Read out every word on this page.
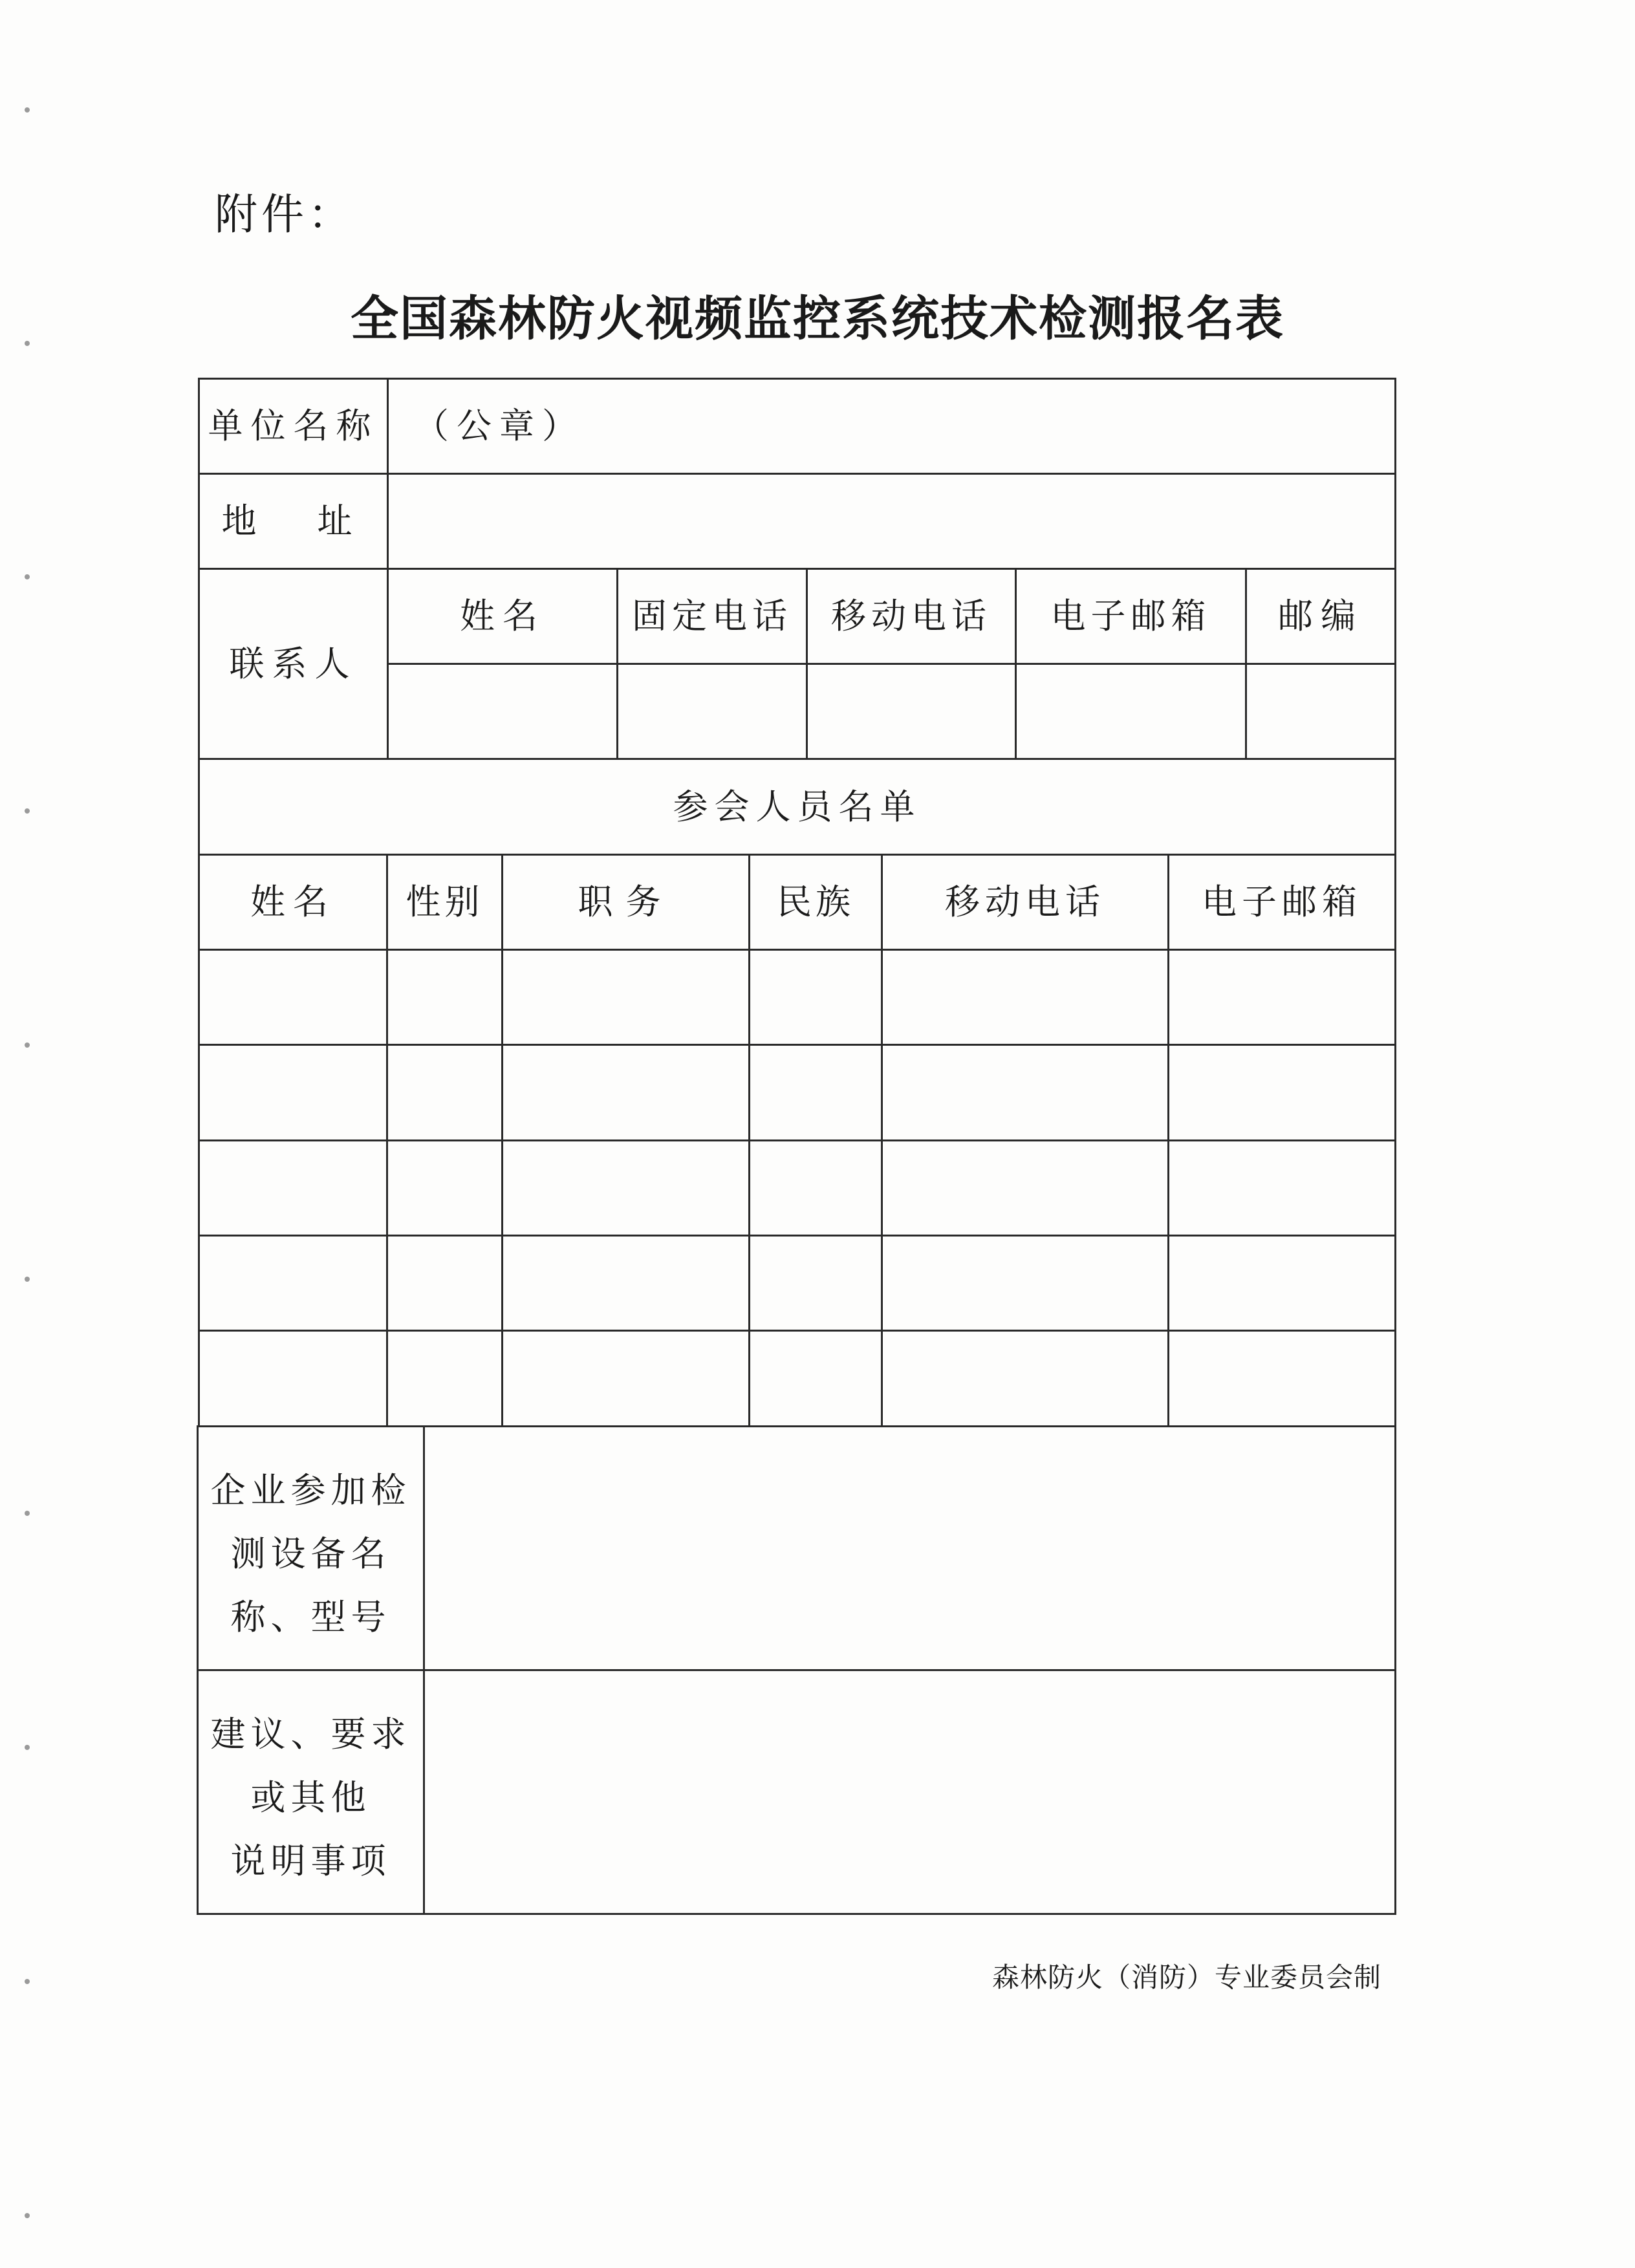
附件：
全国森林防火视频监控系统技术检测报名表
单位名称 （公章）
地　址
联系人
姓名	固定电话	移动电话	电子邮箱	邮编
参会人员名单
姓名	性别	职务	民族	移动电话	电子邮箱
企业参加检
测设备名
称、型号
建议、要求
或其他
说明事项
森林防火（消防）专业委员会制
